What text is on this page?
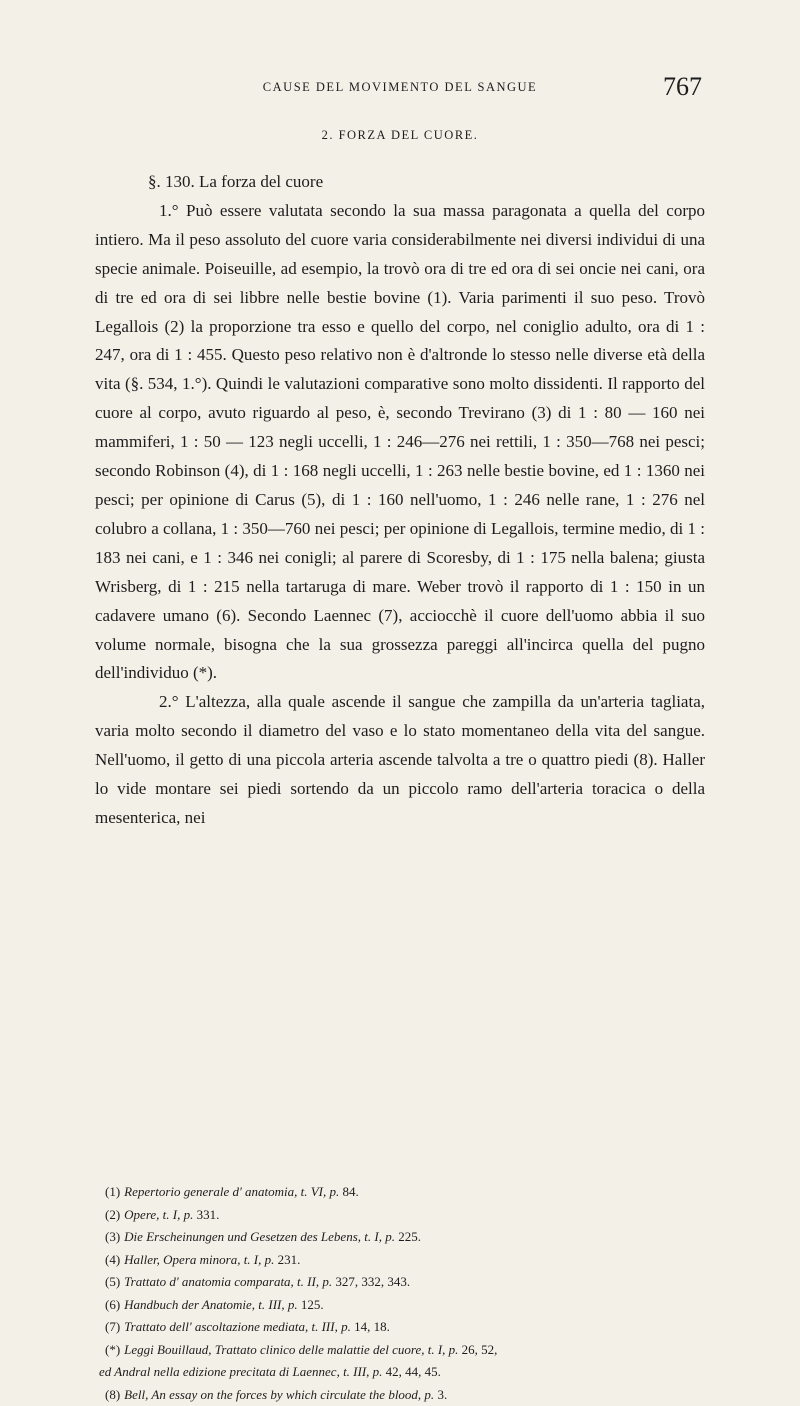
CAUSE DEL MOVIMENTO DEL SANGUE	767
2. FORZA DEL CUORE.

§. 130. La forza del cuore

1.° Può essere valutata secondo la sua massa paragonata a quella del corpo intiero. Ma il peso assoluto del cuore varia considerabilmente nei diversi individui di una specie animale. Poiseuille, ad esempio, la trovò ora di tre ed ora di sei oncie nei cani, ora di tre ed ora di sei libbre nelle bestie bovine (1). Varia parimenti il suo peso. Trovò Legallois (2) la proporzione tra esso e quello del corpo, nel coniglio adulto, ora di 1 : 247, ora di 1 : 455. Questo peso relativo non è d'altronde lo stesso nelle diverse età della vita (§. 534, 1.°). Quindi le valutazioni comparative sono molto dissidenti. Il rapporto del cuore al corpo, avuto riguardo al peso, è, secondo Treviranο (3) di 1 : 80 — 160 nei mammiferi, 1 : 50 — 123 negli uccelli, 1 : 246—276 nei rettili, 1 : 350—768 nei pesci; secondo Robinson (4), di 1 : 168 negli uccelli, 1 : 263 nelle bestie bovine, ed 1 : 1360 nei pesci; per opinione di Carus (5), di 1 : 160 nell'uomo, 1 : 246 nelle rane, 1 : 276 nel colubro a collana, 1 : 350—760 nei pesci; per opinione di Legallois, termine medio, di 1 : 183 nei cani, e 1 : 346 nei conigli; al parere di Scoresby, di 1 : 175 nella balena; giusta Wrisberg, di 1 : 215 nella tartaruga di mare. Weber trovò il rapporto di 1 : 150 in un cadavere umano (6). Secondo Laennec (7), acciocchè il cuore dell'uomo abbia il suo volume normale, bisogna che la sua grossezza pareggi all'incirca quella del pugno dell'individuo (*).

2.° L'altezza, alla quale ascende il sangue che zampilla da un'arteria tagliata, varia molto secondo il diametro del vaso e lo stato momentaneo della vita del sangue. Nell'uomo, il getto di una piccola arteria ascende talvolta a tre o quattro piedi (8). Haller lo vide montare sei piedi sortendo da un piccolo ramo dell'arteria toracica o della mesenterica, nei

(1) Repertorio generale d' anatomia, t. VI, p. 84.

(2) Opere, t. I, p. 331.

(3) Die Erscheinungen und Gesetzen des Lebens, t. I, p. 225.

(4) Haller, Opera minora, t. I, p. 231.

(5) Trattato d' anatomia comparata, t. II, p. 327, 332, 343.

(6) Handbuch der Anatomie, t. III, p. 125.

(7) Trattato dell' ascoltazione mediata, t. III, p. 14, 18.

(*) Leggi Bouillaud, Trattato clinico delle malattie del cuore, t. I, p. 26, 52,

ed Andral nella edizione precitata di Laennec, t. III, p. 42, 44, 45.

(8) Bell, An essay on the forces by which circulate the blood, p. 3.
